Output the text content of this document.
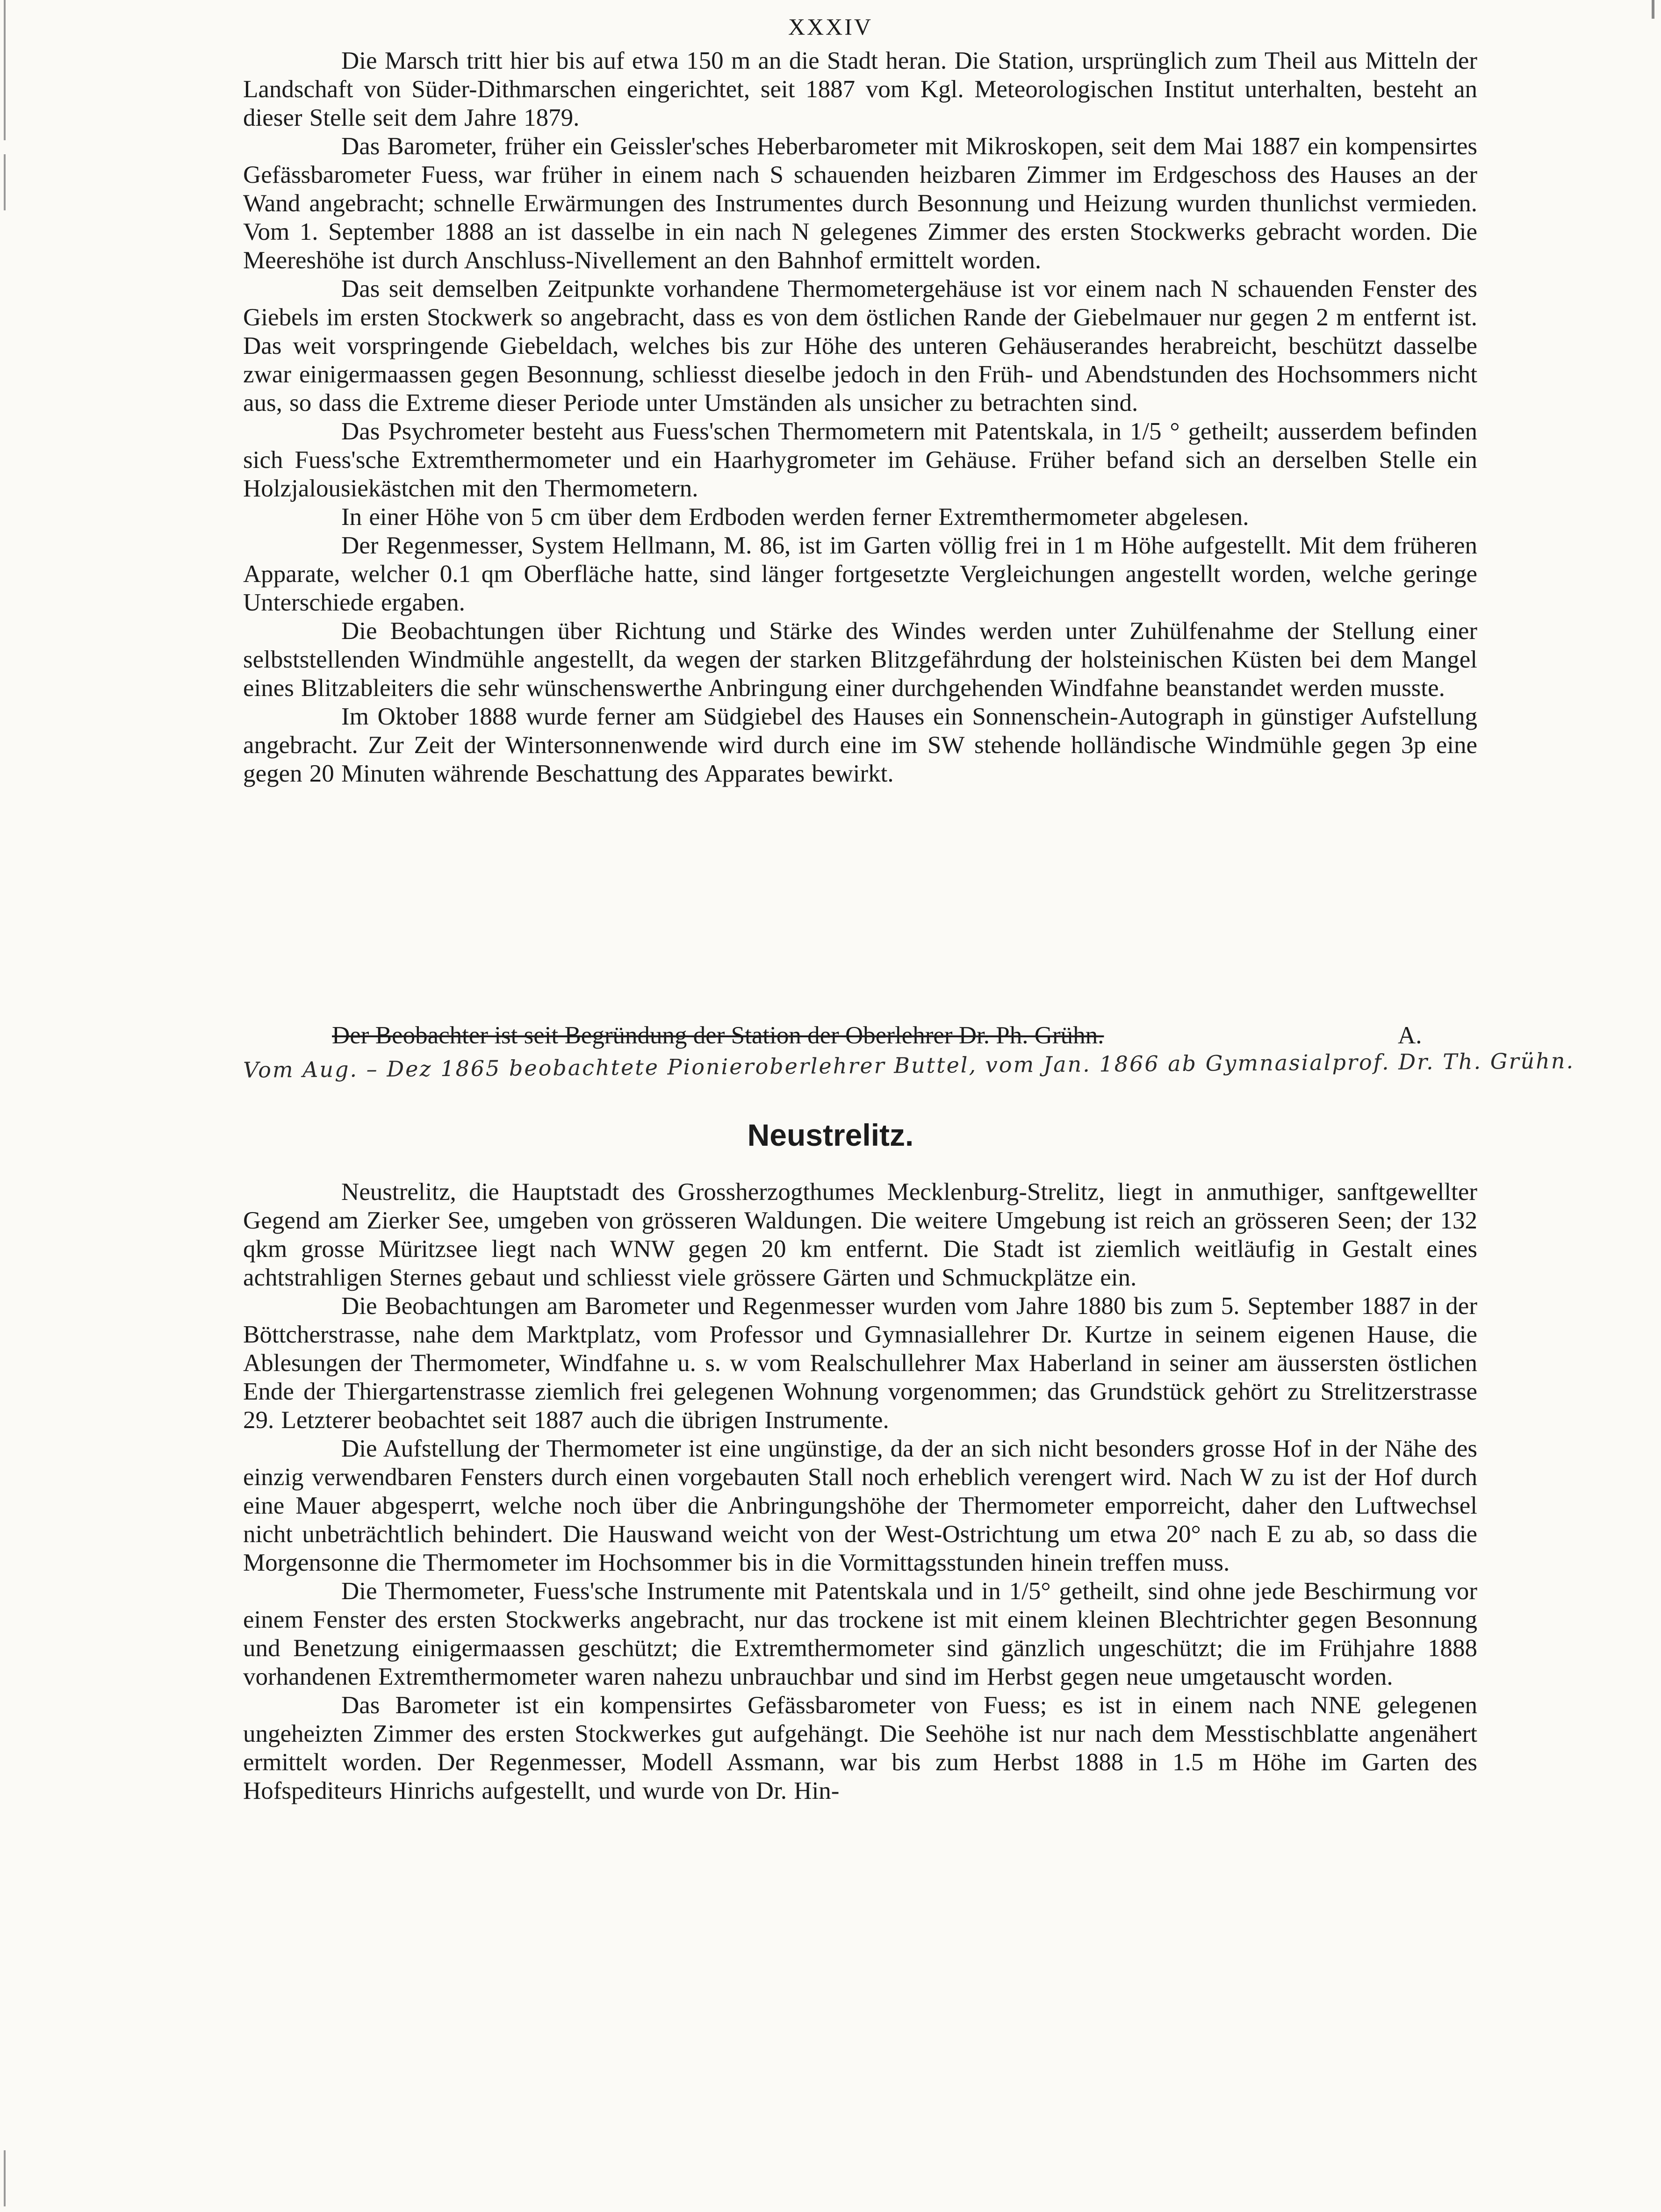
XXXIV

Die Marsch tritt hier bis auf etwa 150 m an die Stadt heran. Die Station, ursprünglich zum Theil aus Mitteln der Landschaft von Süder-Dithmarschen eingerichtet, seit 1887 vom Kgl. Meteorologischen Institut unterhalten, besteht an dieser Stelle seit dem Jahre 1879.

Das Barometer, früher ein Geissler'sches Heberbarometer mit Mikroskopen, seit dem Mai 1887 ein kompensirtes Gefässbarometer Fuess, war früher in einem nach S schauenden heizbaren Zimmer im Erdgeschoss des Hauses an der Wand angebracht; schnelle Erwärmungen des Instrumentes durch Besonnung und Heizung wurden thunlichst vermieden. Vom 1. September 1888 an ist dasselbe in ein nach N gelegenes Zimmer des ersten Stockwerks gebracht worden. Die Meereshöhe ist durch Anschluss-Nivellement an den Bahnhof ermittelt worden.

Das seit demselben Zeitpunkte vorhandene Thermometergehäuse ist vor einem nach N schauenden Fenster des Giebels im ersten Stockwerk so angebracht, dass es von dem östlichen Rande der Giebelmauer nur gegen 2 m entfernt ist. Das weit vorspringende Giebeldach, welches bis zur Höhe des unteren Gehäuserandes herabreicht, beschützt dasselbe zwar einigermaassen gegen Besonnung, schliesst dieselbe jedoch in den Früh- und Abendstunden des Hochsommers nicht aus, so dass die Extreme dieser Periode unter Umständen als unsicher zu betrachten sind.

Das Psychrometer besteht aus Fuess'schen Thermometern mit Patentskala, in 1/5 ° getheilt; ausserdem befinden sich Fuess'sche Extremthermometer und ein Haarhygrometer im Gehäuse. Früher befand sich an derselben Stelle ein Holzjalousiekästchen mit den Thermometern.

In einer Höhe von 5 cm über dem Erdboden werden ferner Extremthermometer abgelesen.

Der Regenmesser, System Hellmann, M. 86, ist im Garten völlig frei in 1 m Höhe aufgestellt. Mit dem früheren Apparate, welcher 0.1 qm Oberfläche hatte, sind länger fortgesetzte Vergleichungen angestellt worden, welche geringe Unterschiede ergaben.

Die Beobachtungen über Richtung und Stärke des Windes werden unter Zuhülfenahme der Stellung einer selbststellenden Windmühle angestellt, da wegen der starken Blitzgefährdung der holsteinischen Küsten bei dem Mangel eines Blitzableiters die sehr wünschenswerthe Anbringung einer durchgehenden Windfahne beanstandet werden musste.

Im Oktober 1888 wurde ferner am Südgiebel des Hauses ein Sonnenschein-Autograph in günstiger Aufstellung angebracht. Zur Zeit der Wintersonnenwende wird durch eine im SW stehende holländische Windmühle gegen 3p eine gegen 20 Minuten währende Beschattung des Apparates bewirkt.

Der Beobachter ist seit Begründung der Station der Oberlehrer Dr. Ph. Grühn.	A.
Vom Aug. – Dez 1865 beobachtete Pionieroberlehrer Buttel, vom Jan. 1866 ab Gymnasialprof. Dr. Th. Grühn.
Neustrelitz.

Neustrelitz, die Hauptstadt des Grossherzogthumes Mecklenburg-Strelitz, liegt in anmuthiger, sanftgewellter Gegend am Zierker See, umgeben von grösseren Waldungen. Die weitere Umgebung ist reich an grösseren Seen; der 132 qkm grosse Müritzsee liegt nach WNW gegen 20 km entfernt. Die Stadt ist ziemlich weitläufig in Gestalt eines achtstrahligen Sternes gebaut und schliesst viele grössere Gärten und Schmuckplätze ein.

Die Beobachtungen am Barometer und Regenmesser wurden vom Jahre 1880 bis zum 5. September 1887 in der Böttcherstrasse, nahe dem Marktplatz, vom Professor und Gymnasiallehrer Dr. Kurtze in seinem eigenen Hause, die Ablesungen der Thermometer, Windfahne u. s. w vom Realschullehrer Max Haberland in seiner am äussersten östlichen Ende der Thiergartenstrasse ziemlich frei gelegenen Wohnung vorgenommen; das Grundstück gehört zu Strelitzerstrasse 29. Letzterer beobachtet seit 1887 auch die übrigen Instrumente.

Die Aufstellung der Thermometer ist eine ungünstige, da der an sich nicht besonders grosse Hof in der Nähe des einzig verwendbaren Fensters durch einen vorgebauten Stall noch erheblich verengert wird. Nach W zu ist der Hof durch eine Mauer abgesperrt, welche noch über die Anbringungshöhe der Thermometer emporreicht, daher den Luftwechsel nicht unbeträchtlich behindert. Die Hauswand weicht von der West-Ostrichtung um etwa 20° nach E zu ab, so dass die Morgensonne die Thermometer im Hochsommer bis in die Vormittagsstunden hinein treffen muss.

Die Thermometer, Fuess'sche Instrumente mit Patentskala und in 1/5° getheilt, sind ohne jede Beschirmung vor einem Fenster des ersten Stockwerks angebracht, nur das trockene ist mit einem kleinen Blechtrichter gegen Besonnung und Benetzung einigermaassen geschützt; die Extremthermometer sind gänzlich ungeschützt; die im Frühjahre 1888 vorhandenen Extremthermometer waren nahezu unbrauchbar und sind im Herbst gegen neue umgetauscht worden.

Das Barometer ist ein kompensirtes Gefässbarometer von Fuess; es ist in einem nach NNE gelegenen ungeheizten Zimmer des ersten Stockwerkes gut aufgehängt. Die Seehöhe ist nur nach dem Messtischblatte angenähert ermittelt worden. Der Regenmesser, Modell Assmann, war bis zum Herbst 1888 in 1.5 m Höhe im Garten des Hofspediteurs Hinrichs aufgestellt, und wurde von Dr. Hin-
